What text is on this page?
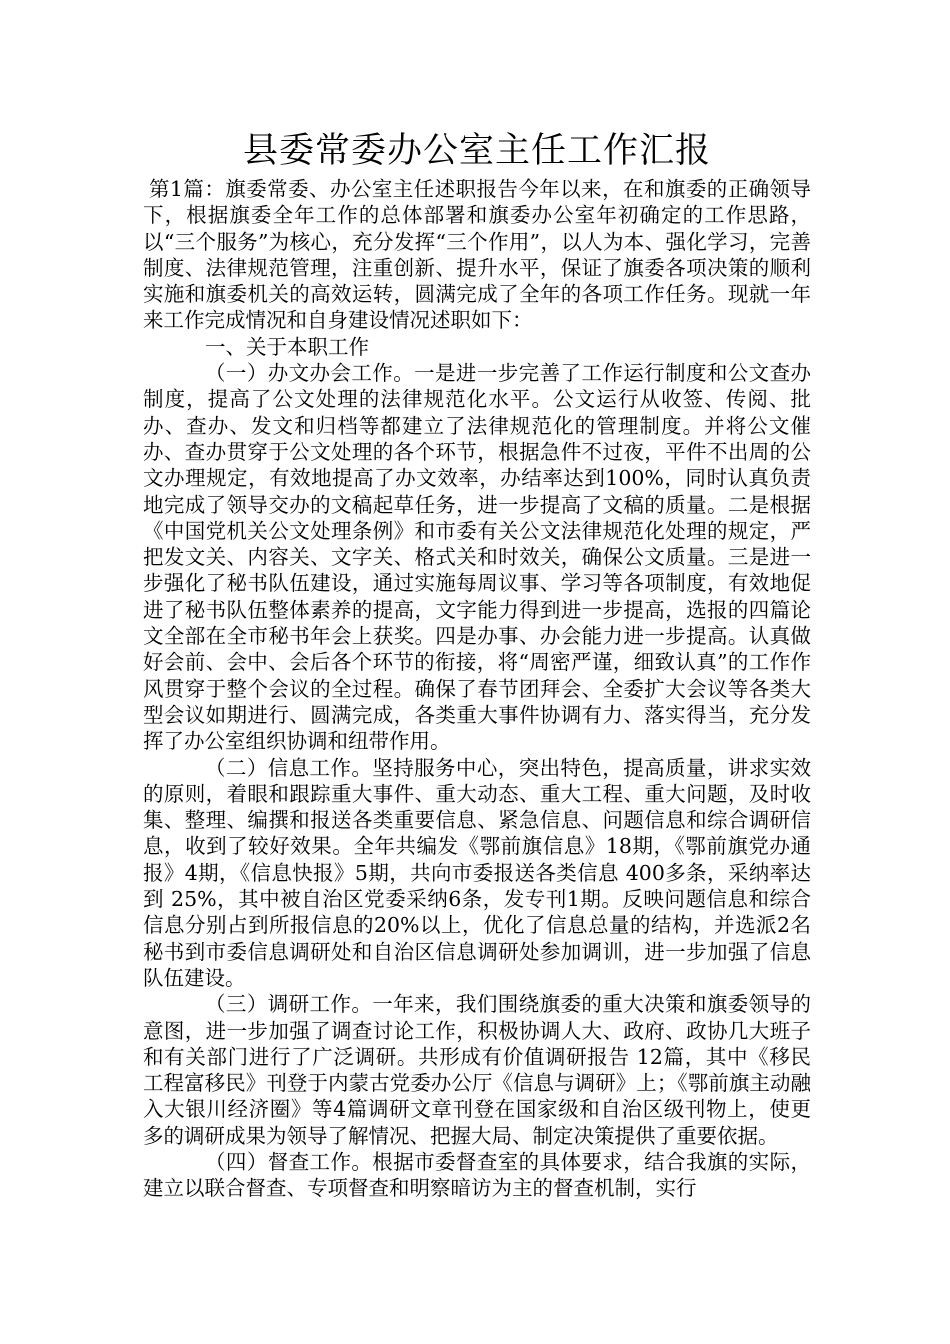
县委常委办公室主任工作汇报

第1篇：旗委常委、办公室主任述职报告今年以来，在和旗委的正确领导下，根据旗委全年工作的总体部署和旗委办公室年初确定的工作思路，以“三个服务”为核心，充分发挥“三个作用”，以人为本、强化学习，完善制度、法律规范管理，注重创新、提升水平，保证了旗委各项决策的顺利实施和旗委机关的高效运转，圆满完成了全年的各项工作任务。现就一年来工作完成情况和自身建设情况述职如下：

一、关于本职工作

（一）办文办会工作。一是进一步完善了工作运行制度和公文查办制度，提高了公文处理的法律规范化水平。公文运行从收签、传阅、批办、查办、发文和归档等都建立了法律规范化的管理制度。并将公文催办、查办贯穿于公文处理的各个环节，根据急件不过夜，平件不出周的公文办理规定，有效地提高了办文效率，办结率达到100%，同时认真负责地完成了领导交办的文稿起草任务，进一步提高了文稿的质量。二是根据《中国党机关公文处理条例》和市委有关公文法律规范化处理的规定，严把发文关、内容关、文字关、格式关和时效关，确保公文质量。三是进一步强化了秘书队伍建设，通过实施每周议事、学习等各项制度，有效地促进了秘书队伍整体素养的提高，文字能力得到进一步提高，选报的四篇论文全部在全市秘书年会上获奖。四是办事、办会能力进一步提高。认真做好会前、会中、会后各个环节的衔接，将“周密严谨，细致认真”的工作作风贯穿于整个会议的全过程。确保了春节团拜会、全委扩大会议等各类大型会议如期进行、圆满完成，各类重大事件协调有力、落实得当，充分发挥了办公室组织协调和纽带作用。

（二）信息工作。坚持服务中心，突出特色，提高质量，讲求实效的原则，着眼和跟踪重大事件、重大动态、重大工程、重大问题，及时收集、整理、编撰和报送各类重要信息、紧急信息、问题信息和综合调研信息，收到了较好效果。全年共编发《鄂前旗信息》18期，《鄂前旗党办通报》4期，《信息快报》5期，共向市委报送各类信息 400多条，采纳率达到 25%，其中被自治区党委采纳6条，发专刊1期。反映问题信息和综合信息分别占到所报信息的20%以上，优化了信息总量的结构，并选派2名秘书到市委信息调研处和自治区信息调研处参加调训，进一步加强了信息队伍建设。

（三）调研工作。一年来，我们围绕旗委的重大决策和旗委领导的意图，进一步加强了调查讨论工作，积极协调人大、政府、政协几大班子和有关部门进行了广泛调研。共形成有价值调研报告 12篇，其中《移民工程富移民》刊登于内蒙古党委办公厅《信息与调研》上；《鄂前旗主动融入大银川经济圈》等4篇调研文章刊登在国家级和自治区级刊物上，使更多的调研成果为领导了解情况、把握大局、制定决策提供了重要依据。

（四）督查工作。根据市委督查室的具体要求，结合我旗的实际，建立以联合督查、专项督查和明察暗访为主的督查机制，实行
